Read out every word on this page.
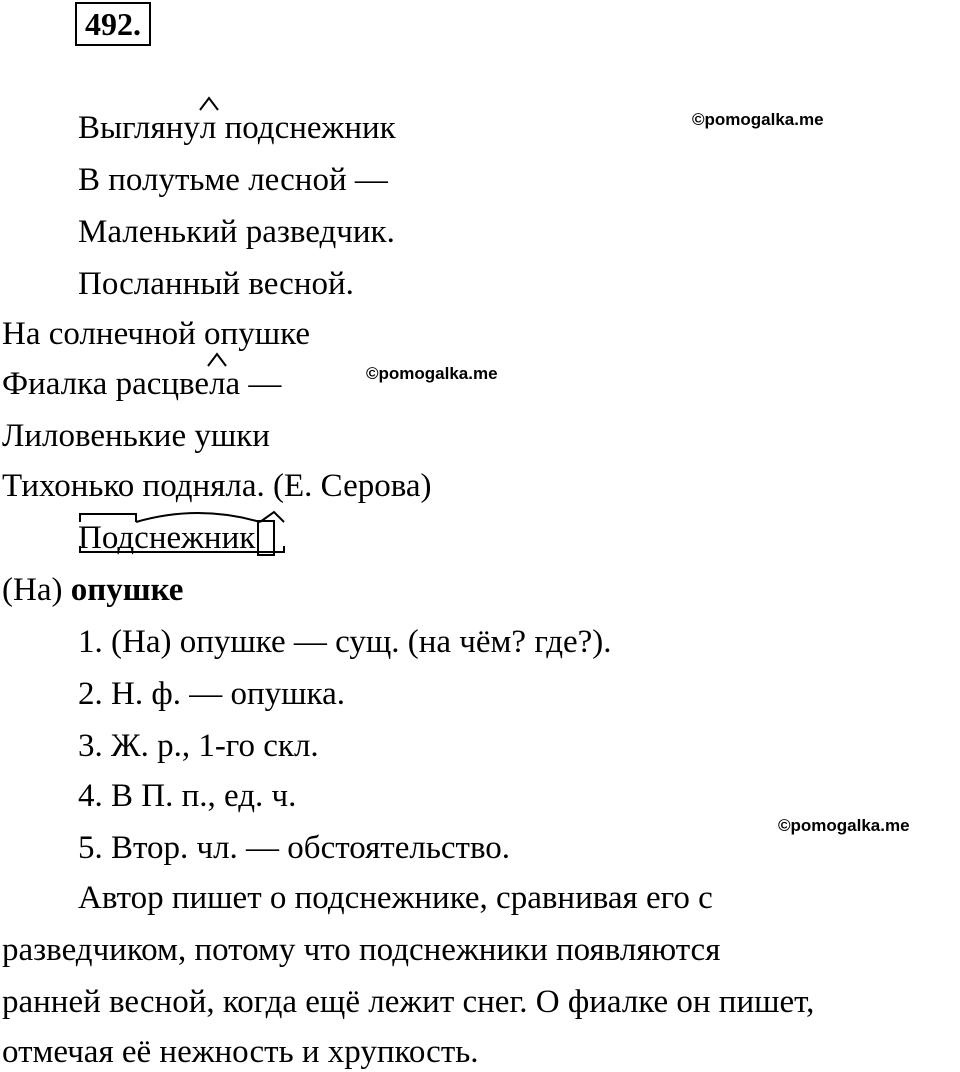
492.
©pomogalka.me
©pomogalka.me
©pomogalka.me
Выглянул
подснежник
В полутьме лесной —
Маленький разведчик.
Посланный весной.
На солнечной опушке
Фиалка расцвел
а —
Лиловенькие ушки
Тихонько подняла. (Е. Серова)
Подснежник
(На) опушке
1. (На) опушке — сущ. (на чём? где?).
2. Н. ф. — опушка.
3. Ж. р., 1-го скл.
4. В П. п., ед. ч.
5. Втор. чл. — обстоятельство.
Автор пишет о подснежнике, сравнивая его с
разведчиком, потому что подснежники появляются
ранней весной, когда ещё лежит снег. О фиалке он пишет,
отмечая её нежность и хрупкость.
